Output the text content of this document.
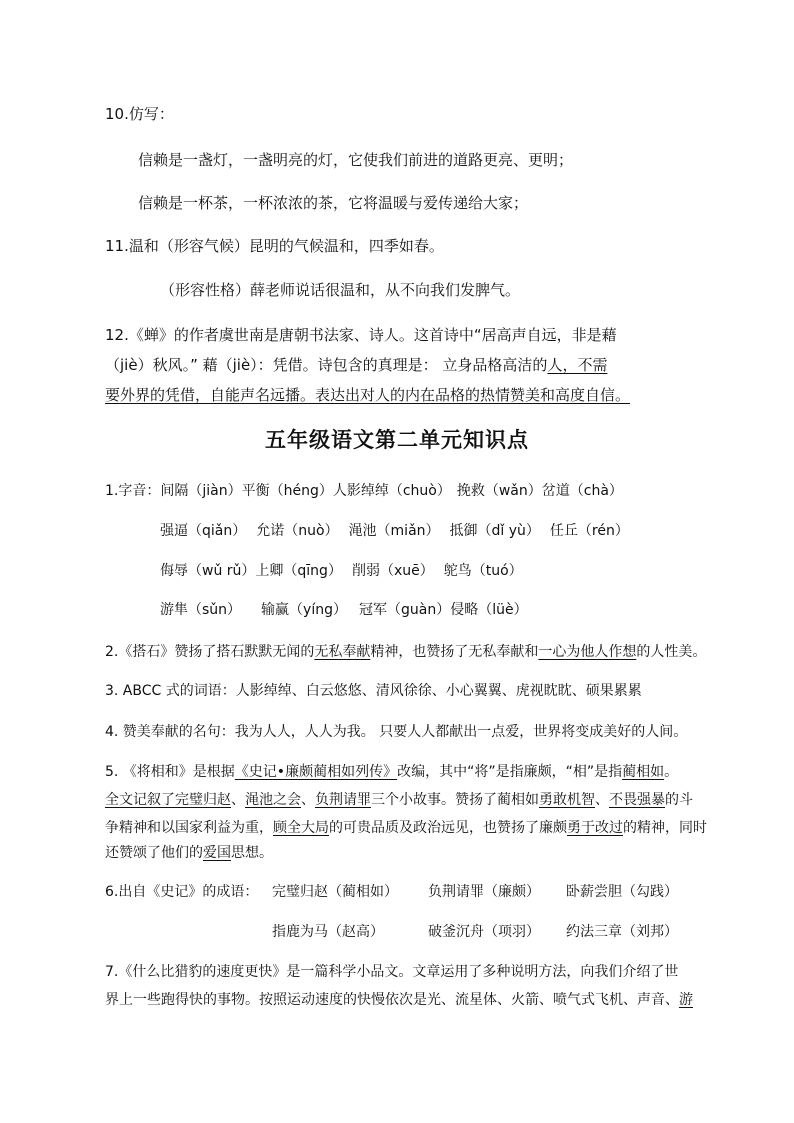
10.仿写：
信赖是一盏灯，一盏明亮的灯，它使我们前进的道路更亮、更明；
信赖是一杯茶，一杯浓浓的茶，它将温暖与爱传递给大家；
11.温和（形容气候）昆明的气候温和，四季如春。
（形容性格）薛老师说话很温和，从不向我们发脾气。
12.《蝉》的作者虞世南是唐朝书法家、诗人。这首诗中“居高声自远，非是藉
（jiè）秋风。” 藉（jiè）：凭借。诗包含的真理是： 立身品格高洁的人，不需
要外界的凭借，自能声名远播。表达出对人的内在品格的热情赞美和高度自信。
五年级语文第二单元知识点
1.字音：间隔（jiàn）平衡（héng）人影绰绰（chuò） 挽救（wǎn）岔道（chà）
强逼（qiǎn） 允诺（nuò） 渑池（miǎn） 抵御（dǐ yù） 任丘（rén）
侮辱（wǔ rǔ）上卿（qīng） 削弱（xuē） 鸵鸟（tuó）
游隼（sǔn） 输赢（yíng） 冠军（guàn）侵略（lüè）
2.《搭石》赞扬了搭石默默无闻的无私奉献精神，也赞扬了无私奉献和一心为他人作想的人性美。
3. ABCC 式的词语：人影绰绰、白云悠悠、清风徐徐、小心翼翼、虎视眈眈、硕果累累
4. 赞美奉献的名句：我为人人，人人为我。 只要人人都献出一点爱，世界将变成美好的人间。
5. 《将相和》是根据《史记•廉颇蔺相如列传》改编，其中“将”是指廉颇，“相”是指蔺相如。
全文记叙了完璧归赵、渑池之会、负荆请罪三个小故事。赞扬了蔺相如勇敢机智、不畏强暴的斗
争精神和以国家利益为重，顾全大局的可贵品质及政治远见，也赞扬了廉颇勇于改过的精神，同时
还赞颂了他们的爱国思想。
6.出自《史记》的成语： 完璧归赵（蔺相如） 负荆请罪（廉颇） 卧薪尝胆（勾践）
指鹿为马（赵高）	破釜沉舟（项羽） 约法三章（刘邦）
7.《什么比猎豹的速度更快》是一篇科学小品文。文章运用了多种说明方法，向我们介绍了世
界上一些跑得快的事物。按照运动速度的快慢依次是光、流星体、火箭、喷气式飞机、声音、游
